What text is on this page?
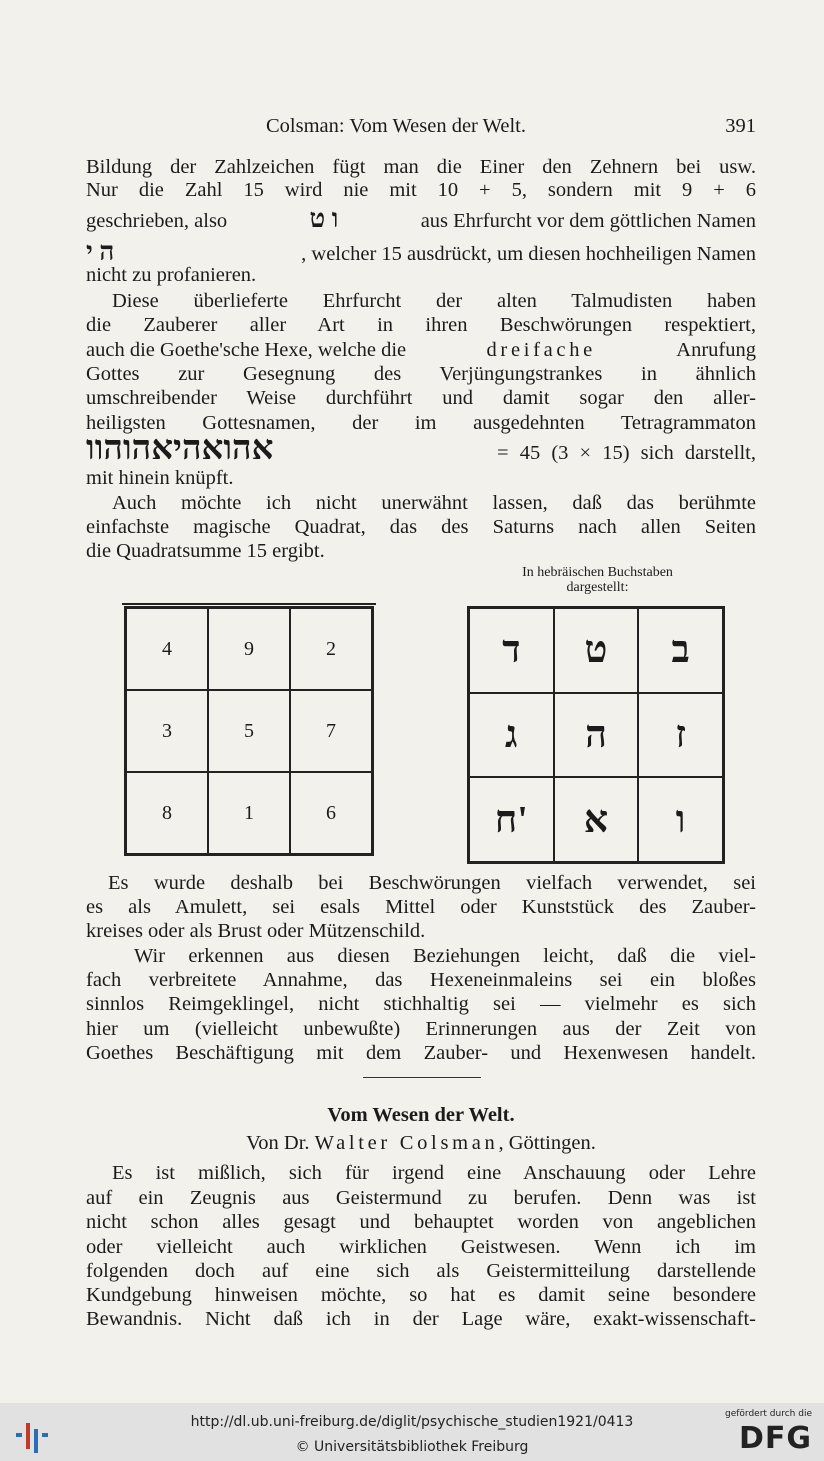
Colsman: Vom Wesen der Welt.	391
Bildung der Zahlzeichen fügt man die Einer den Zehnern bei usw.
Nur die Zahl 15 wird nie mit 10 + 5, sondern mit 9 + 6
geschrieben, also	ו ט	aus Ehrfurcht vor dem göttlichen Namen
ה י	, welcher 15 ausdrückt, um diesen hochheiligen Namen
nicht zu profanieren.
Diese überlieferte Ehrfurcht der alten Talmudisten haben
die Zauberer aller Art in ihren Beschwörungen respektiert,
auch die Goethe'sche Hexe, welche die	dreifache	Anrufung
Gottes zur Gesegnung des Verjüngungstrankes in ähnlich
umschreibender Weise durchführt und damit sogar den aller-
heiligsten Gottesnamen, der im ausgedehnten Tetragrammaton
אהואהיאהוהוו	= 45 (3 × 15) sich darstellt,
mit hinein knüpft.
Auch möchte ich nicht unerwähnt lassen, daß das berühmte
einfachste magische Quadrat, das des Saturns nach allen Seiten
die Quadratsumme 15 ergibt.
In hebräischen Buchstaben
dargestellt:
4	9	2
3	5	7
8	1	6
ד	ט	ב
ג	ה	ז
ח'	א	ו
Es wurde deshalb bei Beschwörungen vielfach verwendet, sei
es als Amulett, sei esals Mittel oder Kunststück des Zauber-
kreises oder als Brust oder Mützenschild.
Wir erkennen aus diesen Beziehungen leicht, daß die viel-
fach verbreitete Annahme, das Hexeneinmaleins sei ein bloßes
sinnlos Reimgeklingel, nicht stichhaltig sei — vielmehr es sich
hier um (vielleicht unbewußte) Erinnerungen aus der Zeit von
Goethes Beschäftigung mit dem Zauber- und Hexenwesen handelt.
Vom Wesen der Welt.
Von Dr. Walter Colsman, Göttingen.
Es ist mißlich, sich für irgend eine Anschauung oder Lehre
auf ein Zeugnis aus Geistermund zu berufen. Denn was ist
nicht schon alles gesagt und behauptet worden von angeblichen
oder vielleicht auch wirklichen Geistwesen. Wenn ich im
folgenden doch auf eine sich als Geistermitteilung darstellende
Kundgebung hinweisen möchte, so hat es damit seine besondere
Bewandnis. Nicht daß ich in der Lage wäre, exakt-wissenschaft-
http://dl.ub.uni-freiburg.de/diglit/psychische_studien1921/0413
© Universitätsbibliothek Freiburg
gefördert durch die
DFG
